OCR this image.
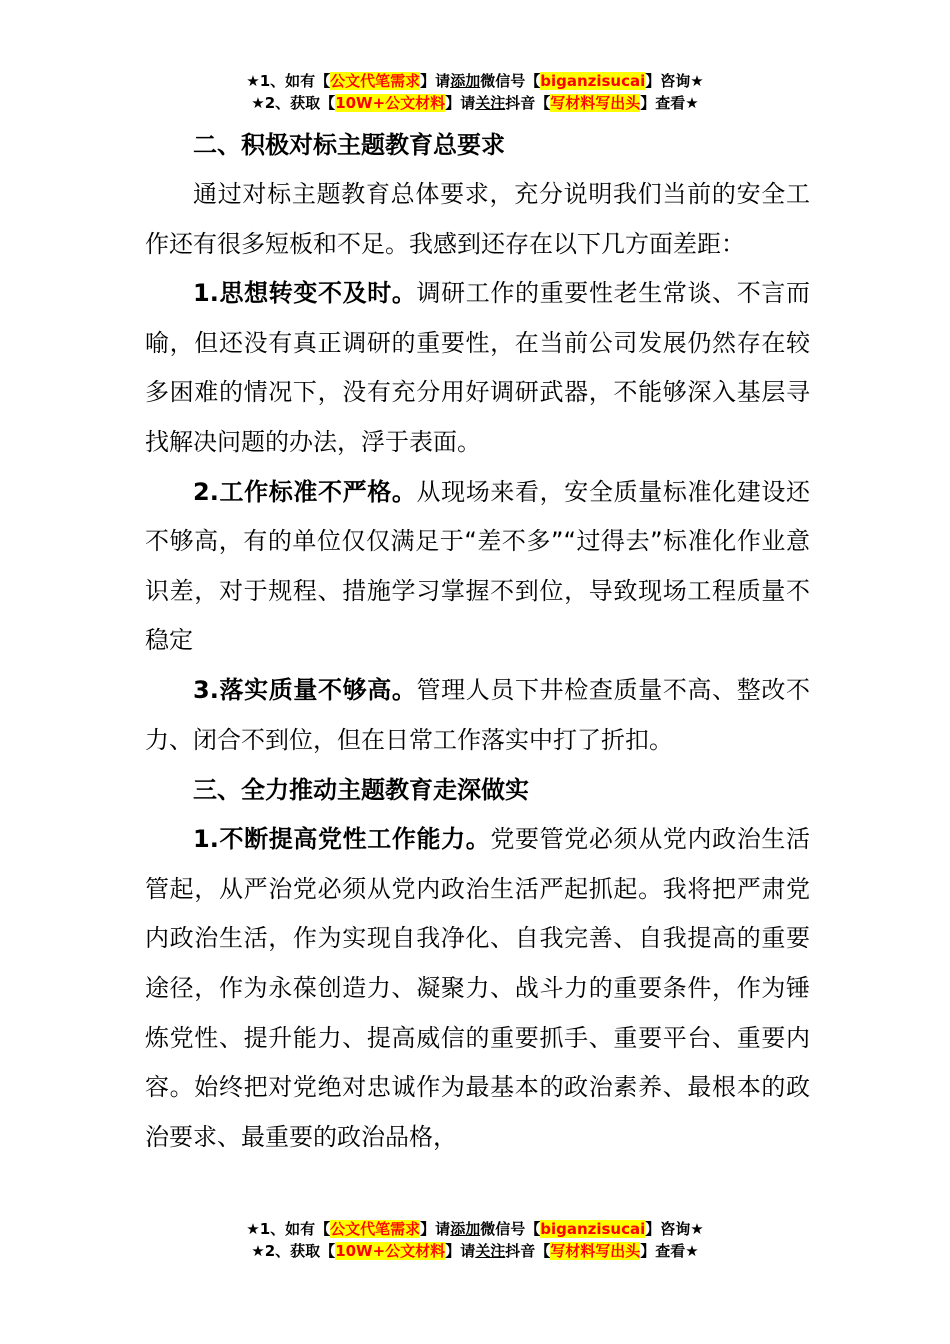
★1、如有【公文代笔需求】请添加微信号【biganzisucai】咨询★
★2、获取【10W+公文材料】请关注抖音【写材料写出头】查看★

二、积极对标主题教育总要求

通过对标主题教育总体要求，充分说明我们当前的安全工作还有很多短板和不足。我感到还存在以下几方面差距：

1.思想转变不及时。调研工作的重要性老生常谈、不言而喻，但还没有真正调研的重要性，在当前公司发展仍然存在较多困难的情况下，没有充分用好调研武器，不能够深入基层寻找解决问题的办法，浮于表面。

2.工作标准不严格。从现场来看，安全质量标准化建设还不够高，有的单位仅仅满足于“差不多”“过得去”标准化作业意识差，对于规程、措施学习掌握不到位，导致现场工程质量不稳定

3.落实质量不够高。管理人员下井检查质量不高、整改不力、闭合不到位，但在日常工作落实中打了折扣。

三、全力推动主题教育走深做实

1.不断提高党性工作能力。党要管党必须从党内政治生活管起，从严治党必须从党内政治生活严起抓起。我将把严肃党内政治生活，作为实现自我净化、自我完善、自我提高的重要途径，作为永葆创造力、凝聚力、战斗力的重要条件，作为锤炼党性、提升能力、提高威信的重要抓手、重要平台、重要内容。始终把对党绝对忠诚作为最基本的政治素养、最根本的政治要求、最重要的政治品格，

★1、如有【公文代笔需求】请添加微信号【biganzisucai】咨询★
★2、获取【10W+公文材料】请关注抖音【写材料写出头】查看★
